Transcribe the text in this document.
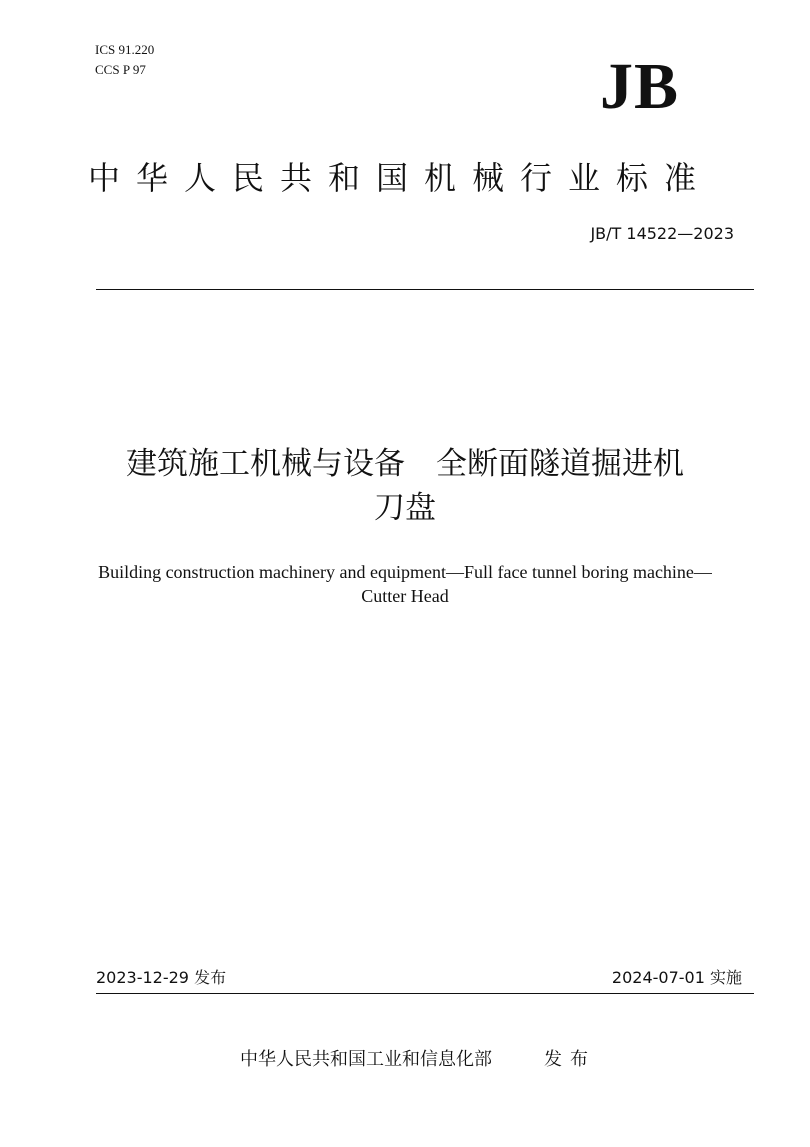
ICS 91.220
CCS P 97	JB
中华人民共和国机械行业标准
JB/T 14522—2023
建筑施工机械与设备　全断面隧道掘进机
刀盘
Building construction machinery and equipment—Full face tunnel boring machine—
Cutter Head
2023-12-29 发布	2024-07-01 实施
中华人民共和国工业和信息化部	发布
